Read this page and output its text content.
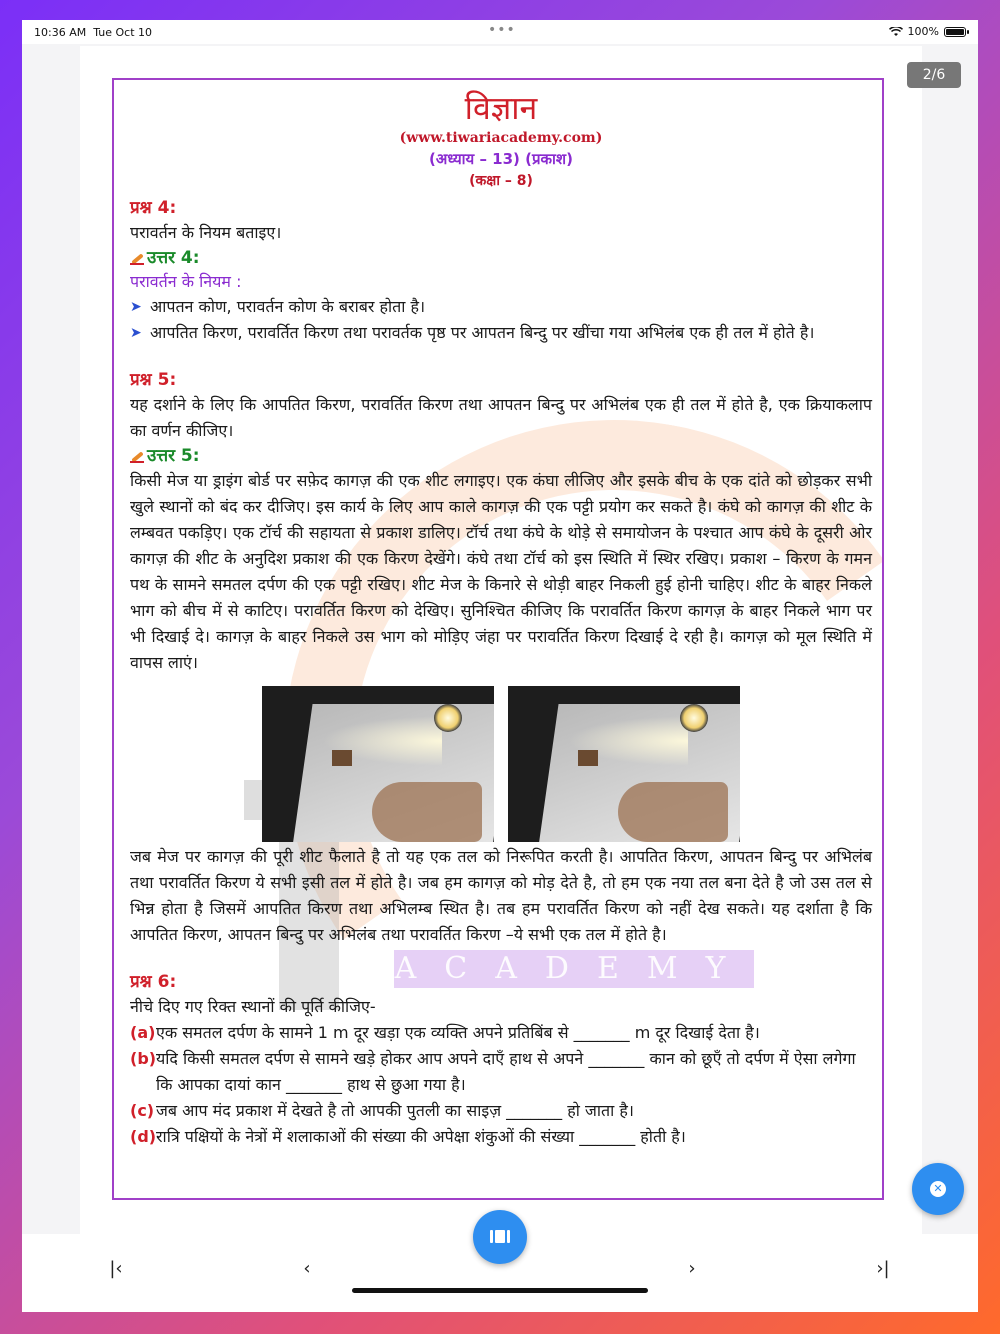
10:36 AM Tue Oct 10	•••	100%
ACADEMY
विज्ञान
(www.tiwariacademy.com)
(अध्याय – 13) (प्रकाश)
(कक्षा – 8)
प्रश्न 4:
परावर्तन के नियम बताइए।
उत्तर 4:
परावर्तन के नियम :
➤ आपतन कोण, परावर्तन कोण के बराबर होता है।
➤ आपतित किरण, परावर्तित किरण तथा परावर्तक पृष्ठ पर आपतन बिन्दु पर खींचा गया अभिलंब एक ही तल में होते है।
प्रश्न 5:
यह दर्शाने के लिए कि आपतित किरण, परावर्तित किरण तथा आपतन बिन्दु पर अभिलंब एक ही तल में होते है, एक क्रियाकलाप का वर्णन कीजिए।
उत्तर 5:
किसी मेज या ड्राइंग बोर्ड पर सफ़ेद कागज़ की एक शीट लगाइए। एक कंघा लीजिए और इसके बीच के एक दांते को छोड़कर सभी खुले स्थानों को बंद कर दीजिए। इस कार्य के लिए आप काले कागज़ की एक पट्टी प्रयोग कर सकते है। कंघे को कागज़ की शीट के लम्बवत पकड़िए। एक टॉर्च की सहायता से प्रकाश डालिए। टॉर्च तथा कंघे के थोड़े से समायोजन के पश्चात आप कंघे के दूसरी ओर कागज़ की शीट के अनुदिश प्रकाश की एक किरण देखेंगे। कंघे तथा टॉर्च को इस स्थिति में स्थिर रखिए। प्रकाश – किरण के गमन पथ के सामने समतल दर्पण की एक पट्टी रखिए। शीट मेज के किनारे से थोड़ी बाहर निकली हुई होनी चाहिए। शीट के बाहर निकले भाग को बीच में से काटिए। परावर्तित किरण को देखिए। सुनिश्चित कीजिए कि परावर्तित किरण कागज़ के बाहर निकले भाग पर भी दिखाई दे। कागज़ के बाहर निकले उस भाग को मोड़िए जंहा पर परावर्तित किरण दिखाई दे रही है। कागज़ को मूल स्थिति में वापस लाएं।
जब मेज पर कागज़ की पूरी शीट फैलाते है तो यह एक तल को निरूपित करती है। आपतित किरण, आपतन बिन्दु पर अभिलंब तथा परावर्तित किरण ये सभी इसी तल में होते है। जब हम कागज़ को मोड़ देते है, तो हम एक नया तल बना देते है जो उस तल से भिन्न होता है जिसमें आपतित किरण तथा अभिलम्ब स्थित है। तब हम परावर्तित किरण को नहीं देख सकते। यह दर्शाता है कि आपतित किरण, आपतन बिन्दु पर अभिलंब तथा परावर्तित किरण –ये सभी एक तल में होते है।
प्रश्न 6:
नीचे दिए गए रिक्त स्थानों की पूर्ति कीजिए-
(a) एक समतल दर्पण के सामने 1 m दूर खड़ा एक व्यक्ति अपने प्रतिबिंब से _______ m दूर दिखाई देता है।
(b) यदि किसी समतल दर्पण से सामने खड़े होकर आप अपने दाएँ हाथ से अपने _______ कान को छूएँ तो दर्पण में ऐसा लगेगा कि आपका दायां कान _______ हाथ से छुआ गया है।
(c) जब आप मंद प्रकाश में देखते है तो आपकी पुतली का साइज़ _______ हो जाता है।
(d) रात्रि पक्षियों के नेत्रों में शलाकाओं की संख्या की अपेक्षा शंकुओं की संख्या _______ होती है।
2/6
✕
|‹	‹	›	›|
